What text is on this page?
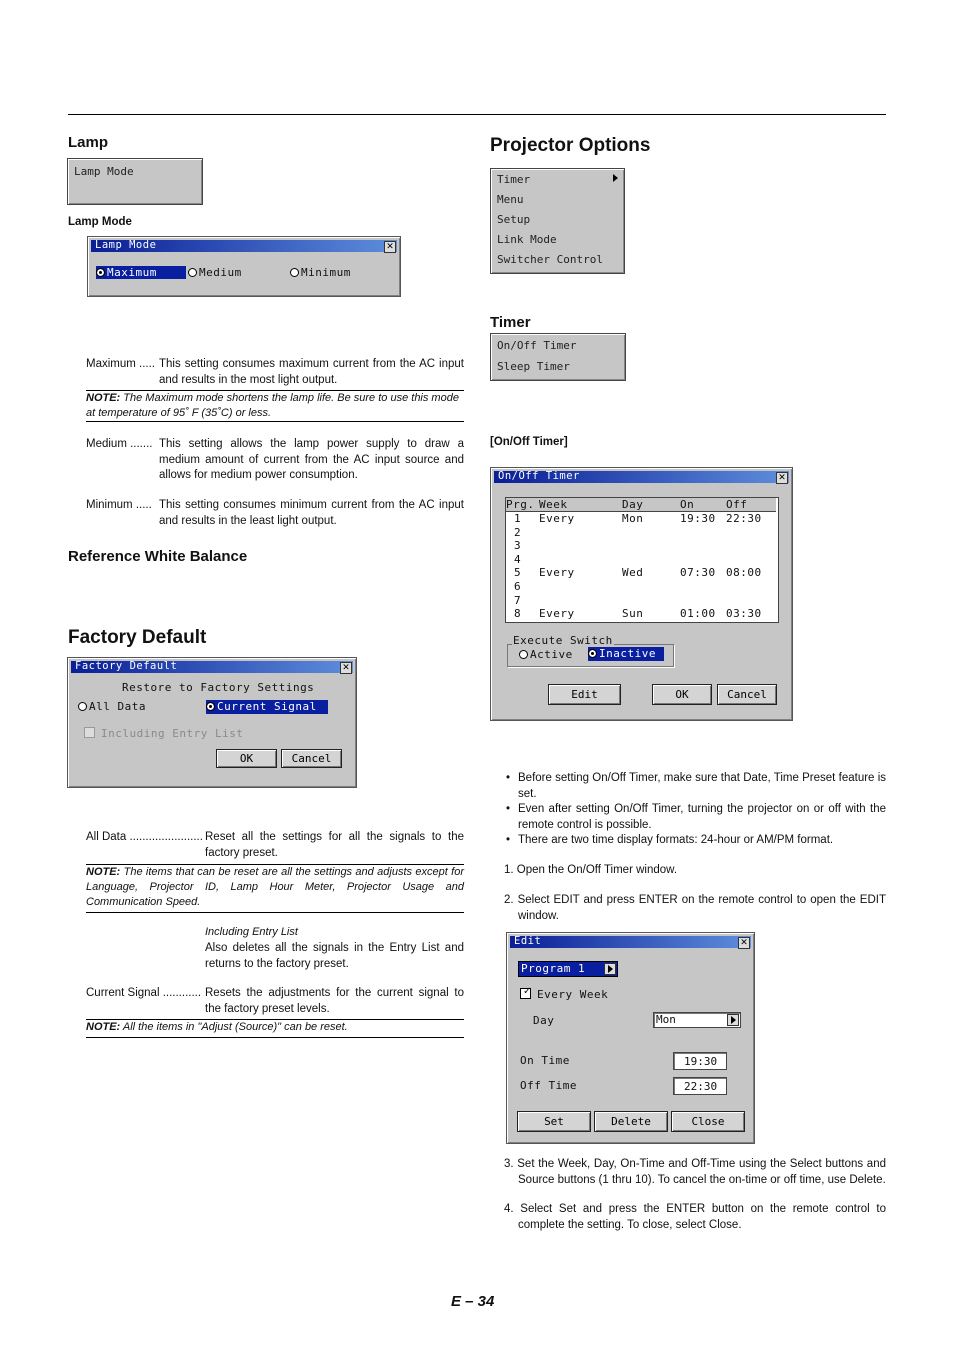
Lamp
Lamp Mode
Lamp Mode
Lamp Mode	✕
Maximum	Medium	Minimum
Maximum ..... This setting consumes maximum current from the AC input and results in the most light output.
NOTE: The Maximum mode shortens the lamp life. Be sure to use this mode at temperature of 95˚ F (35˚C) or less.
Medium ....... This setting allows the lamp power supply to draw a medium amount of current from the AC input source and allows for medium power consumption.
Minimum ..... This setting consumes minimum current from the AC input and results in the least light output.
Reference White Balance
Factory Default
Factory Default	✕
Restore to Factory Settings
All Data	Current Signal
Including Entry List
OK	Cancel
All Data ....................... Reset all the settings for all the signals to the factory preset.
NOTE: The items that can be reset are all the settings and adjusts except for Language, Projector ID, Lamp Hour Meter, Projector Usage and Communication Speed.
Including Entry List
Also deletes all the signals in the Entry List and returns to the factory preset.
Current Signal ............ Resets the adjustments for the current signal to the factory preset levels.
NOTE: All the items in "Adjust (Source)" can be reset.
Projector Options
Timer
Menu
Setup
Link Mode
Switcher Control
Timer
On/Off Timer
Sleep Timer
[On/Off Timer]
On/Off Timer	✕
Prg. Week	Day	On	Off
1 Every	Mon	19:30 22:30
2
3
4
5 Every	Wed	07:30 08:00
6
7
8 Every	Sun	01:00 03:30
Execute Switch
Active	Inactive
Edit	OK	Cancel
• Before setting On/Off Timer, make sure that Date, Time Preset feature is set.
• Even after setting On/Off Timer, turning the projector on or off with the remote control is possible.
• There are two time display formats: 24-hour or AM/PM format.
1. Open the On/Off Timer window.
2. Select EDIT and press ENTER on the remote control to open the EDIT window.
Edit	✕
Program 1
✓ Every Week
Day	Mon
On Time	19:30
Off Time	22:30
Set	Delete	Close
3. Set the Week, Day, On-Time and Off-Time using the Select buttons and Source buttons (1 thru 10). To cancel the on-time or off time, use Delete.
4. Select Set and press the ENTER button on the remote control to complete the setting. To close, select Close.
E – 34
